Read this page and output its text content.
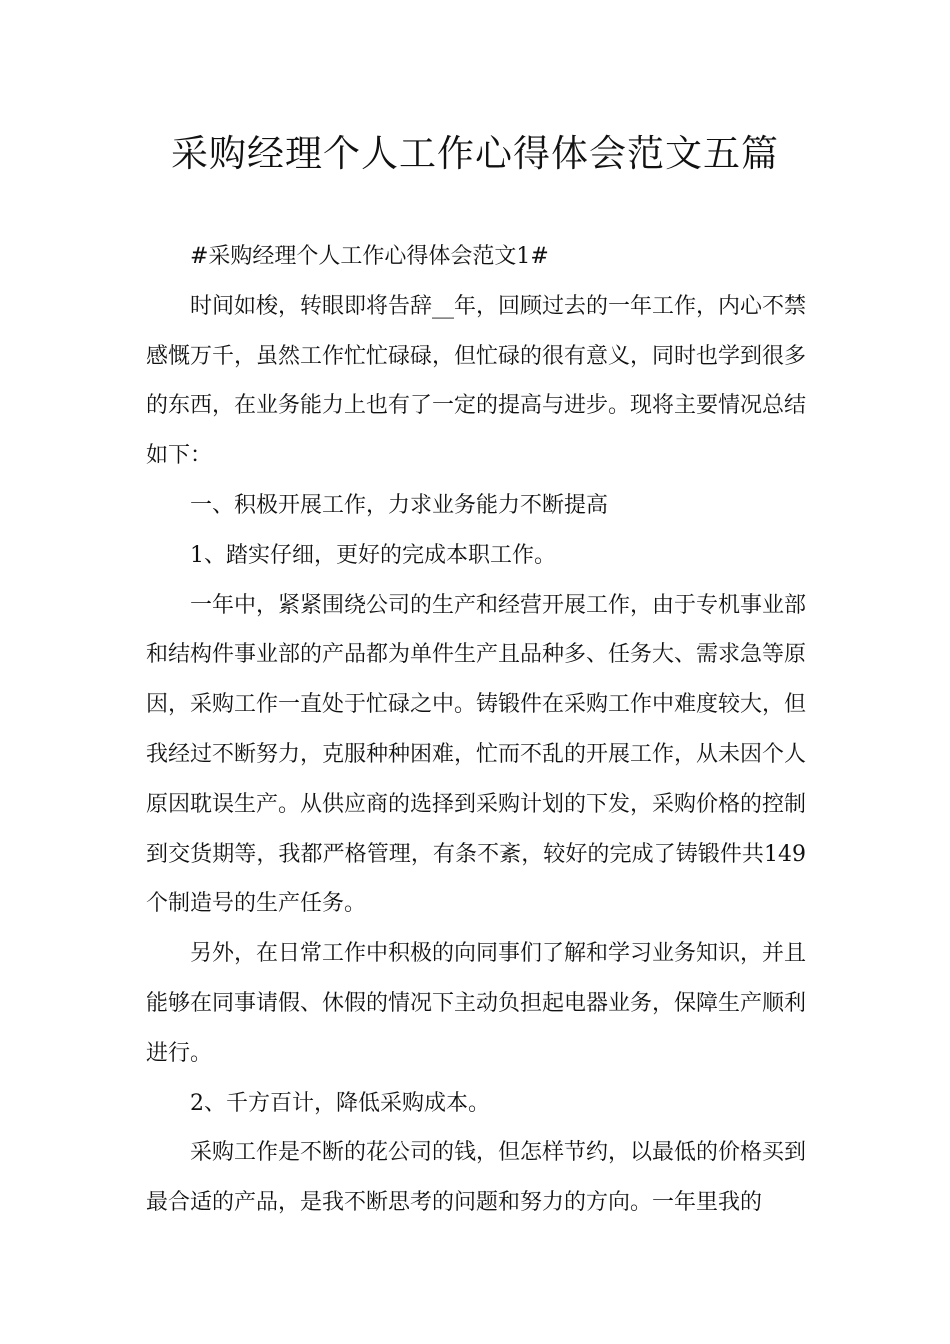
采购经理个人工作心得体会范文五篇

#采购经理个人工作心得体会范文1#

时间如梭，转眼即将告辞__年，回顾过去的一年工作，内心不禁感慨万千，虽然工作忙忙碌碌，但忙碌的很有意义，同时也学到很多的东西，在业务能力上也有了一定的提高与进步。现将主要情况总结如下：

一、积极开展工作，力求业务能力不断提高

1、踏实仔细，更好的完成本职工作。

一年中，紧紧围绕公司的生产和经营开展工作，由于专机事业部和结构件事业部的产品都为单件生产且品种多、任务大、需求急等原因，采购工作一直处于忙碌之中。铸锻件在采购工作中难度较大，但我经过不断努力，克服种种困难，忙而不乱的开展工作，从未因个人原因耽误生产。从供应商的选择到采购计划的下发，采购价格的控制到交货期等，我都严格管理，有条不紊，较好的完成了铸锻件共149个制造号的生产任务。

另外，在日常工作中积极的向同事们了解和学习业务知识，并且能够在同事请假、休假的情况下主动负担起电器业务，保障生产顺利进行。

2、千方百计，降低采购成本。

采购工作是不断的花公司的钱，但怎样节约，以最低的价格买到最合适的产品，是我不断思考的问题和努力的方向。一年里我的
